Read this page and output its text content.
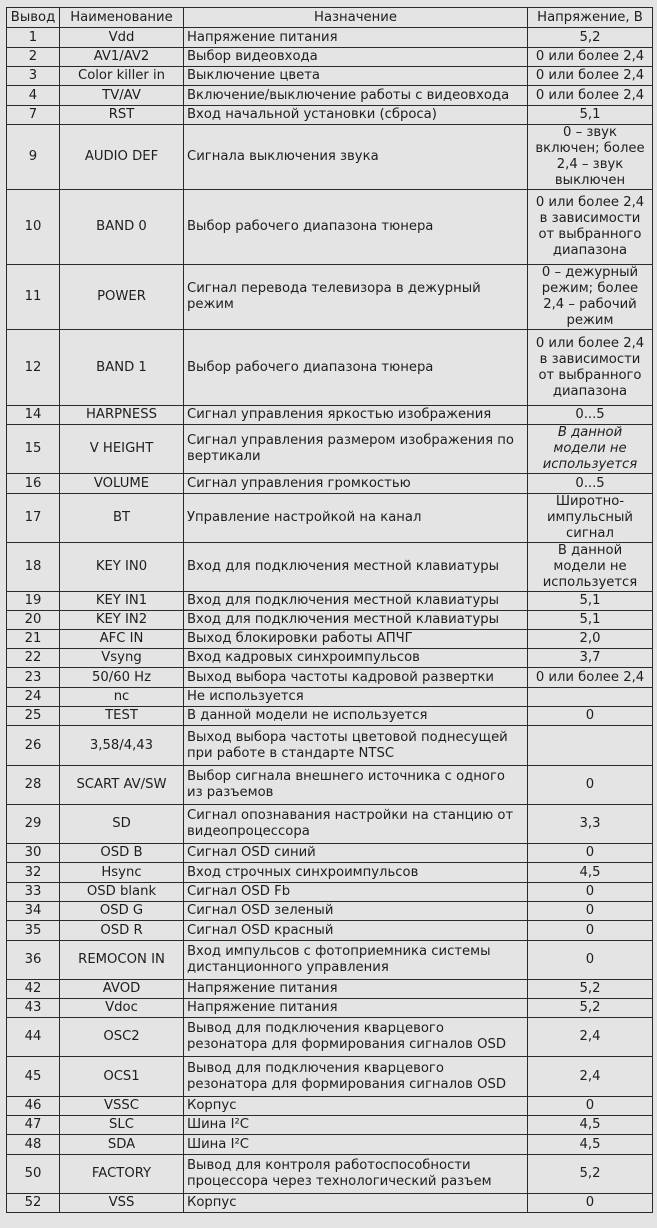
Вывод	Наименование	Назначение	Напряжение, В
1	Vdd	Напряжение питания	5,2
2	AV1/AV2	Выбор видеовхода	0 или более 2,4
3	Color killer in	Выключение цвета	0 или более 2,4
4	TV/AV	Включение/выключение работы с видеовхода	0 или более 2,4
7	RST	Вход начальной установки (сброса)	5,1
9	AUDIO DEF	Сигнала выключения звука	0 – звук включен; более 2,4 – звук выключен
10	BAND 0	Выбор рабочего диапазона тюнера	0 или более 2,4 в зависимости от выбранного диапазона
11	POWER	Сигнал перевода телевизора в дежурный режим	0 – дежурный режим; более 2,4 – рабочий режим
12	BAND 1	Выбор рабочего диапазона тюнера	0 или более 2,4 в зависимости от выбранного диапазона
14	HARPNESS	Сигнал управления яркостью изображения	0...5
15	V HEIGHT	Сигнал управления размером изображения по вертикали	В данной модели не используется
16	VOLUME	Сигнал управления громкостью	0...5
17	BT	Управление настройкой на канал	Широтно-импульсный сигнал
18	KEY IN0	Вход для подключения местной клавиатуры	В данной модели не используется
19	KEY IN1	Вход для подключения местной клавиатуры	5,1
20	KEY IN2	Вход для подключения местной клавиатуры	5,1
21	AFC IN	Выход блокировки работы АПЧГ	2,0
22	Vsyng	Вход кадровых синхроимпульсов	3,7
23	50/60 Hz	Выход выбора частоты кадровой развертки	0 или более 2,4
24	nc	Не используется	
25	TEST	В данной модели не используется	0
26	3,58/4,43	Выход выбора частоты цветовой поднесущей при работе в стандарте NTSC	
28	SCART AV/SW	Выбор сигнала внешнего источника с одного из разъемов	0
29	SD	Сигнал опознавания настройки на станцию от видеопроцессора	3,3
30	OSD B	Сигнал OSD синий	0
32	Hsync	Вход строчных синхроимпульсов	4,5
33	OSD blank	Сигнал OSD Fb	0
34	OSD G	Сигнал OSD зеленый	0
35	OSD R	Сигнал OSD красный	0
36	REMOCON IN	Вход импульсов с фотоприемника системы дистанционного управления	0
42	AVOD	Напряжение питания	5,2
43	Vdoc	Напряжение питания	5,2
44	OSC2	Вывод для подключения кварцевого резонатора для формирования сигналов OSD	2,4
45	OCS1	Вывод для подключения кварцевого резонатора для формирования сигналов OSD	2,4
46	VSSC	Корпус	0
47	SLC	Шина I²C	4,5
48	SDA	Шина I²C	4,5
50	FACTORY	Вывод для контроля работоспособности процессора через технологический разъем	5,2
52	VSS	Корпус	0
